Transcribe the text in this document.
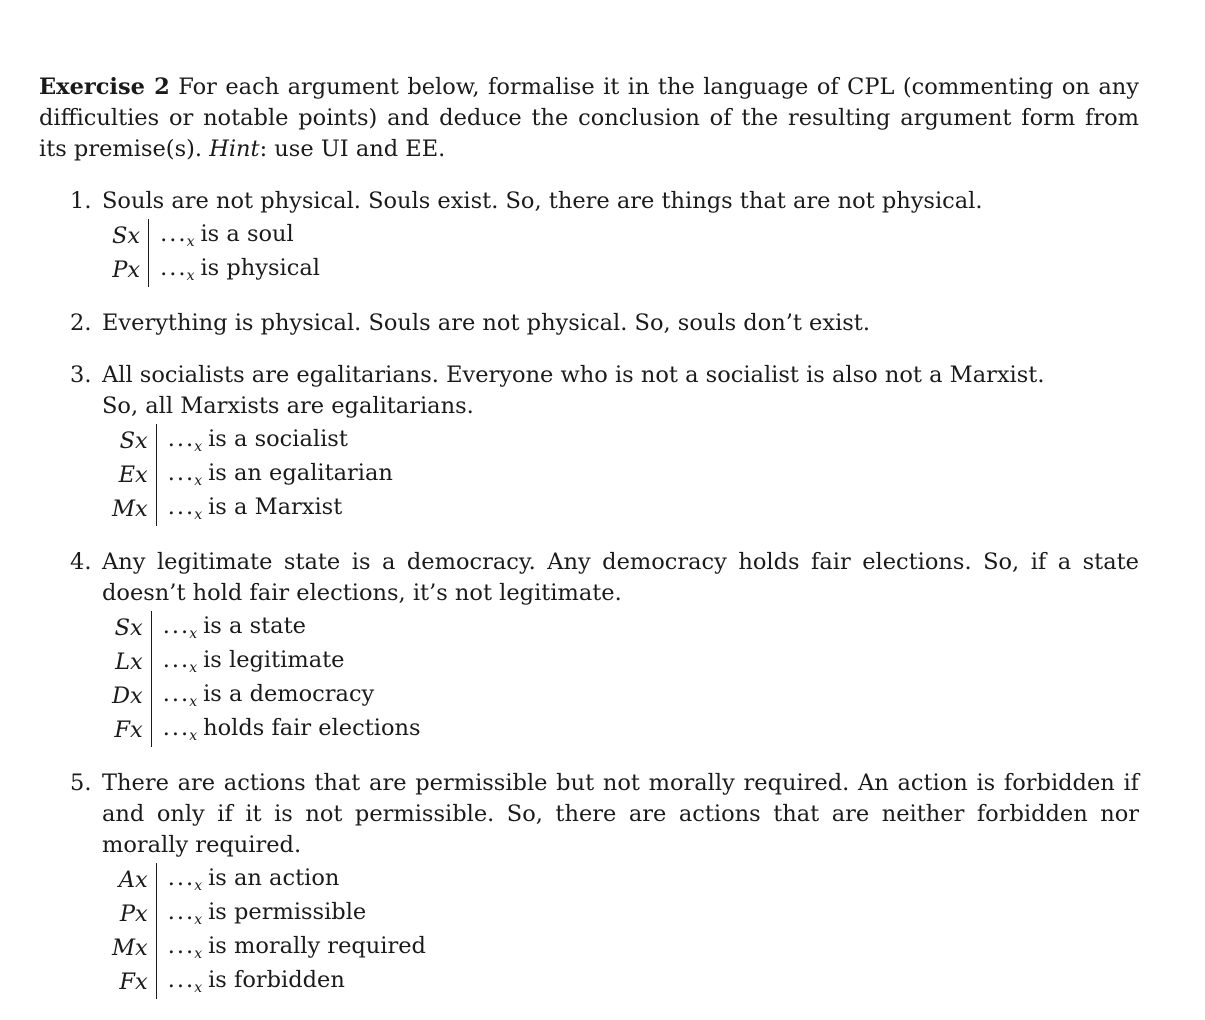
Exercise 2 For each argument below, formalise it in the language of CPL (commenting on any difficulties or notable points) and deduce the conclusion of the resulting argument form from its premise(s). Hint: use UI and EE.

1. Souls are not physical. Souls exist. So, there are things that are not physical.

Sx	$..._x$ is a soul
Px	$..._x$ is physical
2. Everything is physical. Souls are not physical. So, souls don’t exist.

3. All socialists are egalitarians. Everyone who is not a socialist is also not a Marxist.
So, all Marxists are egalitarians.

Sx	$..._x$ is a socialist
Ex	$..._x$ is an egalitarian
Mx	$..._x$ is a Marxist
4. Any legitimate state is a democracy. Any democracy holds fair elections. So, if a state doesn’t hold fair elections, it’s not legitimate.

Sx	$..._x$ is a state
Lx	$..._x$ is legitimate
Dx	$..._x$ is a democracy
Fx	$..._x$ holds fair elections
5. There are actions that are permissible but not morally required. An action is forbidden if and only if it is not permissible. So, there are actions that are neither forbidden nor morally required.

Ax	$..._x$ is an action
Px	$..._x$ is permissible
Mx	$..._x$ is morally required
Fx	$..._x$ is forbidden
